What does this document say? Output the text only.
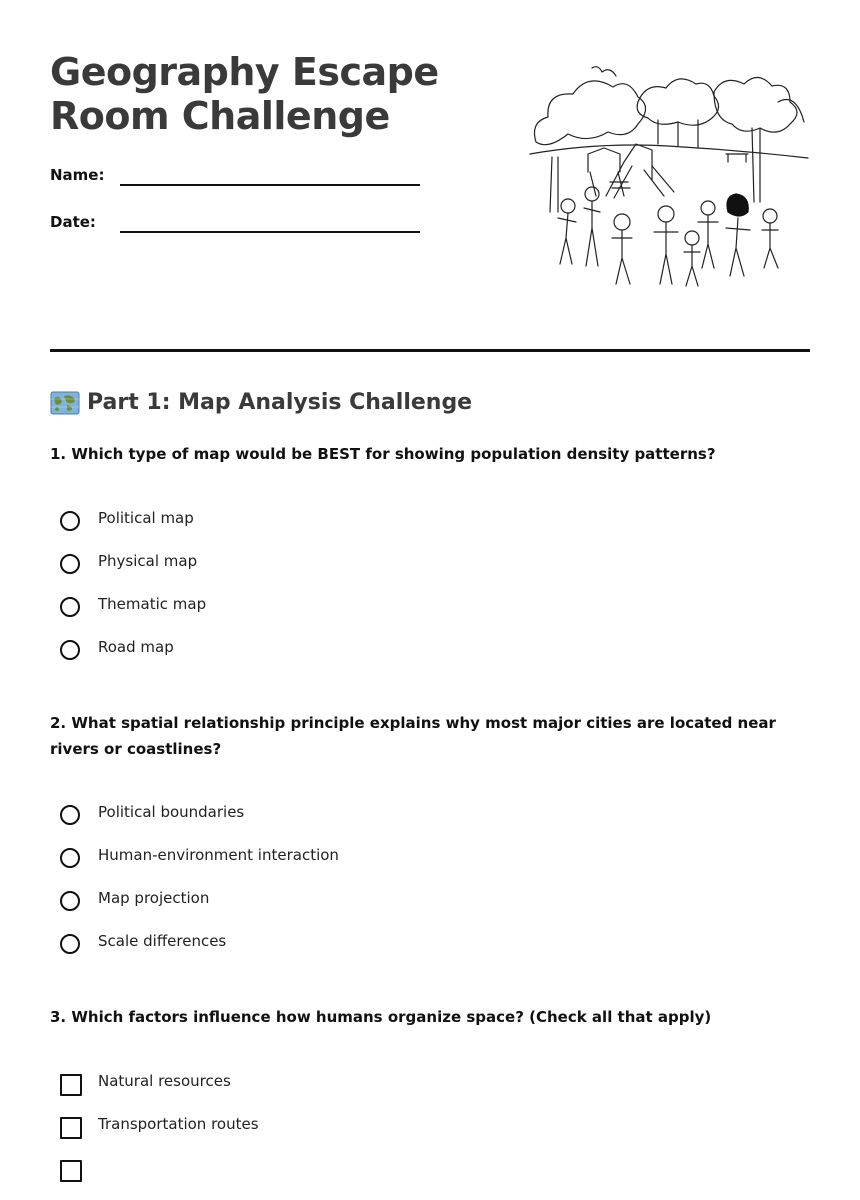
Geography Escape
Room Challenge
Name:
Date:
Part 1: Map Analysis Challenge

1. Which type of map would be BEST for showing population density patterns?

Political map
Physical map
Thematic map
Road map

2. What spatial relationship principle explains why most major cities are located near rivers or coastlines?

Political boundaries
Human-environment interaction
Map projection
Scale differences

3. Which factors influence how humans organize space? (Check all that apply)

Natural resources
Transportation routes
